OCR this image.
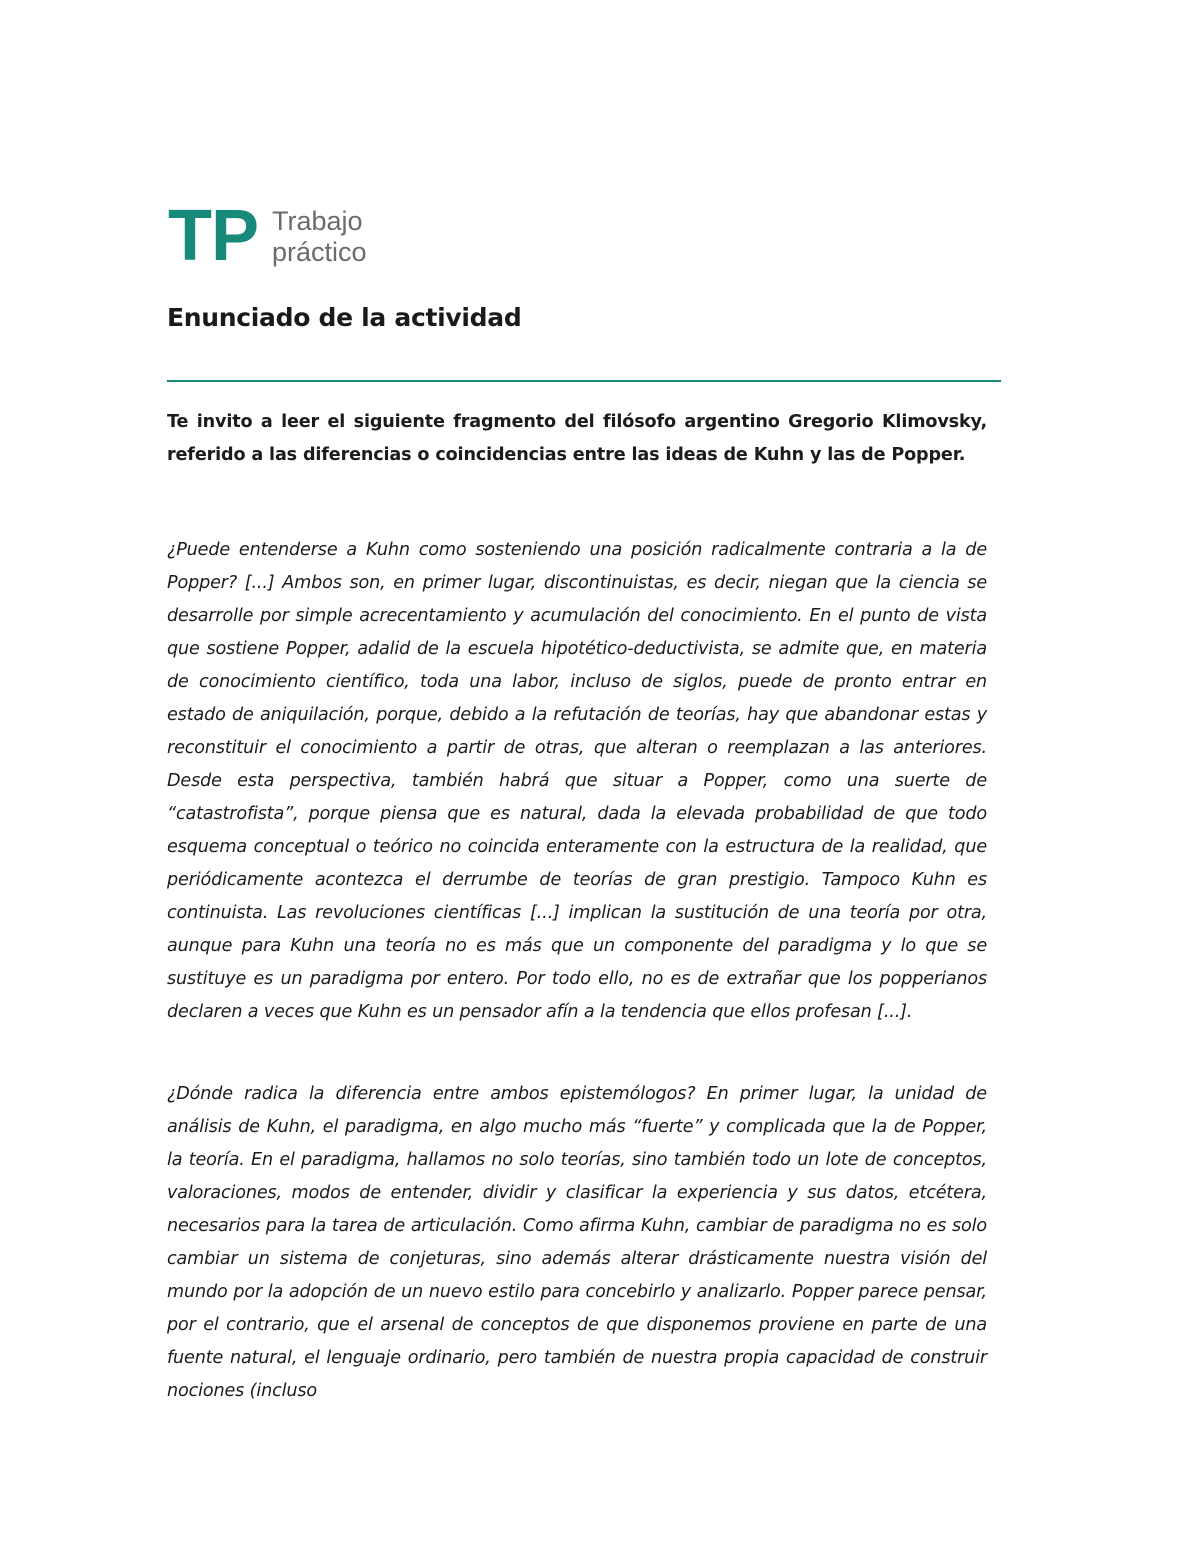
TP Trabajo
práctico
Enunciado de la actividad

Te invito a leer el siguiente fragmento del filósofo argentino Gregorio Klimovsky, referido a las diferencias o coincidencias entre las ideas de Kuhn y las de Popper.

¿Puede entenderse a Kuhn como sosteniendo una posición radicalmente contraria a la de Popper? [...] Ambos son, en primer lugar, discontinuistas, es decir, niegan que la ciencia se desarrolle por simple acrecentamiento y acumulación del conocimiento. En el punto de vista que sostiene Popper, adalid de la escuela hipotético-deductivista, se admite que, en materia de conocimiento científico, toda una labor, incluso de siglos, puede de pronto entrar en estado de aniquilación, porque, debido a la refutación de teorías, hay que abandonar estas y reconstituir el conocimiento a partir de otras, que alteran o reemplazan a las anteriores. Desde esta perspectiva, también habrá que situar a Popper, como una suerte de “catastrofista”, porque piensa que es natural, dada la elevada probabilidad de que todo esquema conceptual o teórico no coincida enteramente con la estructura de la realidad, que periódicamente acontezca el derrumbe de teorías de gran prestigio. Tampoco Kuhn es continuista. Las revoluciones científicas [...] implican la sustitución de una teoría por otra, aunque para Kuhn una teoría no es más que un componente del paradigma y lo que se sustituye es un paradigma por entero. Por todo ello, no es de extrañar que los popperianos declaren a veces que Kuhn es un pensador afín a la tendencia que ellos profesan [...].

¿Dónde radica la diferencia entre ambos epistemólogos? En primer lugar, la unidad de análisis de Kuhn, el paradigma, en algo mucho más “fuerte” y complicada que la de Popper, la teoría. En el paradigma, hallamos no solo teorías, sino también todo un lote de conceptos, valoraciones, modos de entender, dividir y clasificar la experiencia y sus datos, etcétera, necesarios para la tarea de articulación. Como afirma Kuhn, cambiar de paradigma no es solo cambiar un sistema de conjeturas, sino además alterar drásticamente nuestra visión del mundo por la adopción de un nuevo estilo para concebirlo y analizarlo. Popper parece pensar, por el contrario, que el arsenal de conceptos de que disponemos proviene en parte de una fuente natural, el lenguaje ordinario, pero también de nuestra propia capacidad de construir nociones (incluso
